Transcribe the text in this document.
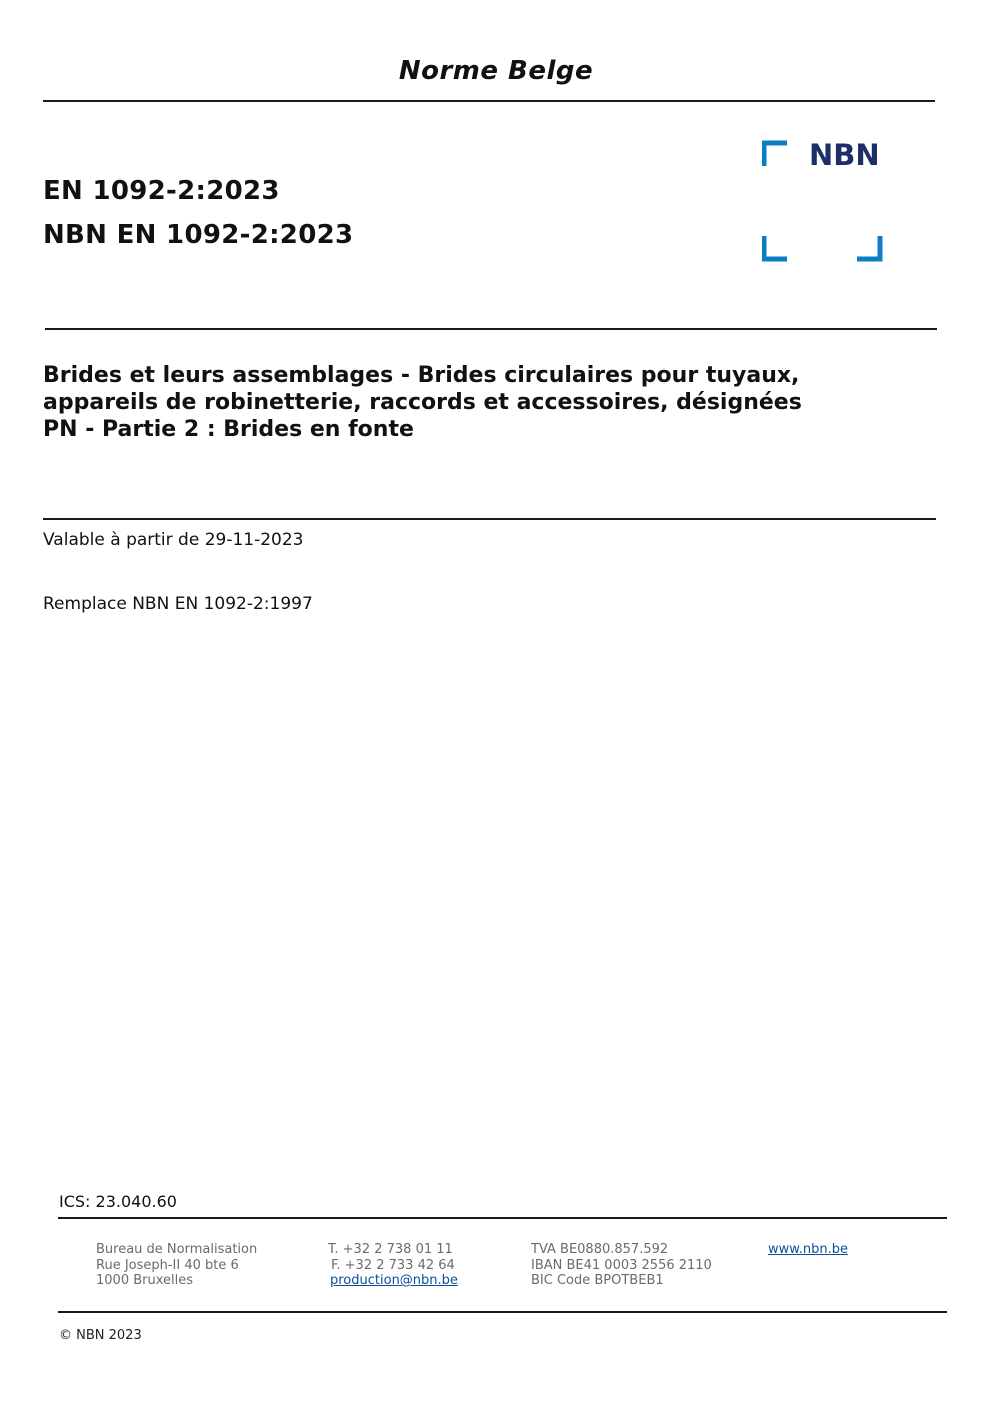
Norme Belge
EN 1092-2:2023
NBN EN 1092-2:2023
NBN
Brides et leurs assemblages - Brides circulaires pour tuyaux,
appareils de robinetterie, raccords et accessoires, désignées
PN - Partie 2 : Brides en fonte
Valable à partir de 29-11-2023
Remplace NBN EN 1092-2:1997
ICS: 23.040.60
Bureau de Normalisation
Rue Joseph-II 40 bte 6
1000 Bruxelles
T. +32 2 738 01 11
F. +32 2 733 42 64
production@nbn.be
TVA BE0880.857.592
IBAN BE41 0003 2556 2110
BIC Code BPOTBEB1
www.nbn.be
© NBN 2023
